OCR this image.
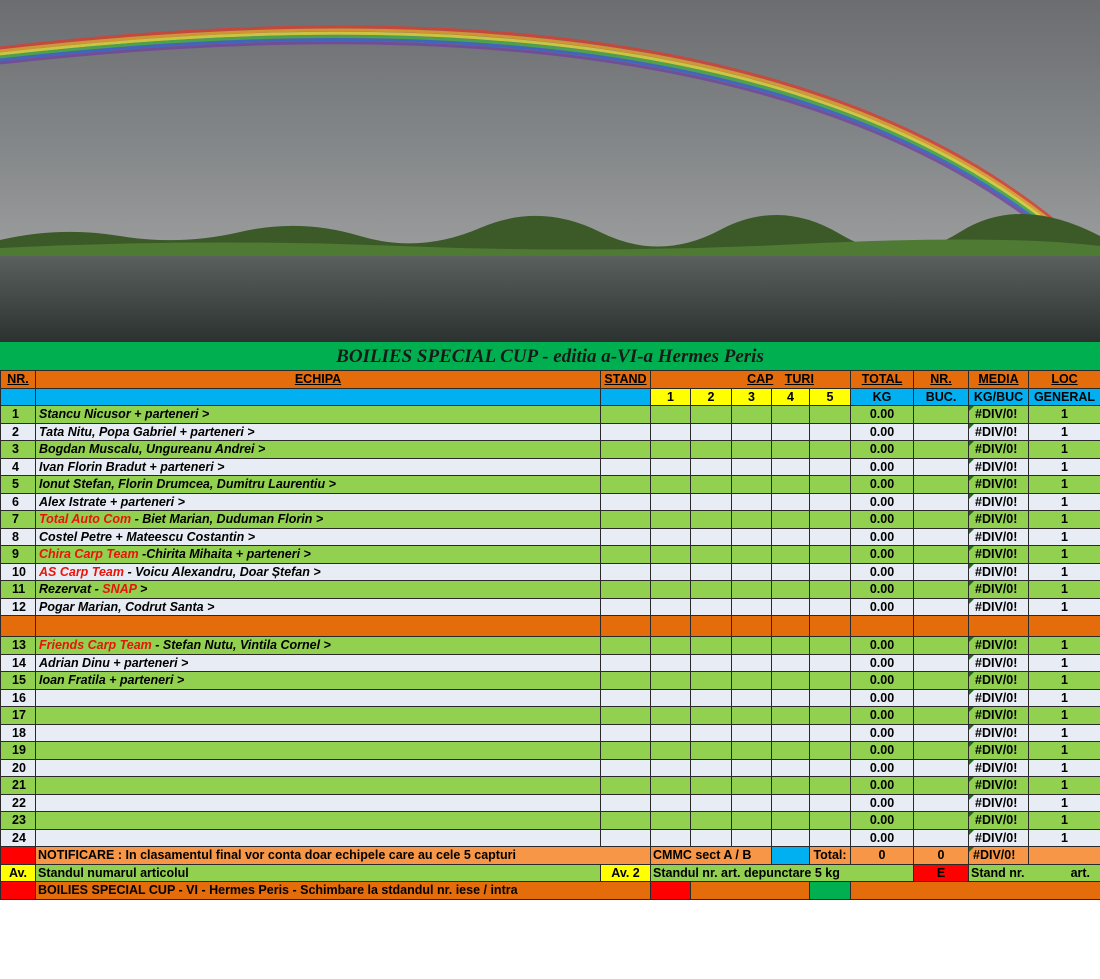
BOILIES SPECIAL CUP - editia a-VI-a Hermes Peris
NR.	ECHIPA	STAND	CAP TURI					TOTAL	NR.	MEDIA	LOC
			1	2	3	4	5	KG	BUC.	KG/BUC	GENERAL
1	Stancu Nicusor + parteneri >							0.00		#DIV/0!	1
2	Tata Nitu, Popa Gabriel + parteneri >							0.00		#DIV/0!	1
3	Bogdan Muscalu, Ungureanu Andrei >							0.00		#DIV/0!	1
4	Ivan Florin Bradut + parteneri >							0.00		#DIV/0!	1
5	Ionut Stefan, Florin Drumcea, Dumitru Laurentiu >							0.00		#DIV/0!	1
6	Alex Istrate + parteneri >							0.00		#DIV/0!	1
7	Total Auto Com - Biet Marian, Duduman Florin >							0.00		#DIV/0!	1
8	Costel Petre + Mateescu Costantin >							0.00		#DIV/0!	1
9	Chira Carp Team -Chirita Mihaita + parteneri >							0.00		#DIV/0!	1
10	AS Carp Team - Voicu Alexandru, Doar Ștefan >							0.00		#DIV/0!	1
11	Rezervat - SNAP >							0.00		#DIV/0!	1
12	Pogar Marian, Codrut Santa >							0.00		#DIV/0!	1

13	Friends Carp Team - Stefan Nutu, Vintila Cornel >							0.00		#DIV/0!	1
14	Adrian Dinu + parteneri >							0.00		#DIV/0!	1
15	Ioan Fratila + parteneri >							0.00		#DIV/0!	1
16								0.00		#DIV/0!	1
17								0.00		#DIV/0!	1
18								0.00		#DIV/0!	1
19								0.00		#DIV/0!	1
20								0.00		#DIV/0!	1
21								0.00		#DIV/0!	1
22								0.00		#DIV/0!	1
23								0.00		#DIV/0!	1
24								0.00		#DIV/0!	1
	NOTIFICARE : In clasamentul final vor conta doar echipele care au cele 5 capturi		CMMC sect A / B				Total:	0	0	#DIV/0!	
Av.	Standul numarul articolul	Av. 2	Standul nr. art. depunctare 5 kg						E	Stand nr. art.	

	BOILIES SPECIAL CUP - VI - Hermes Peris - Schimbare la stdandul nr. iese / intra										
